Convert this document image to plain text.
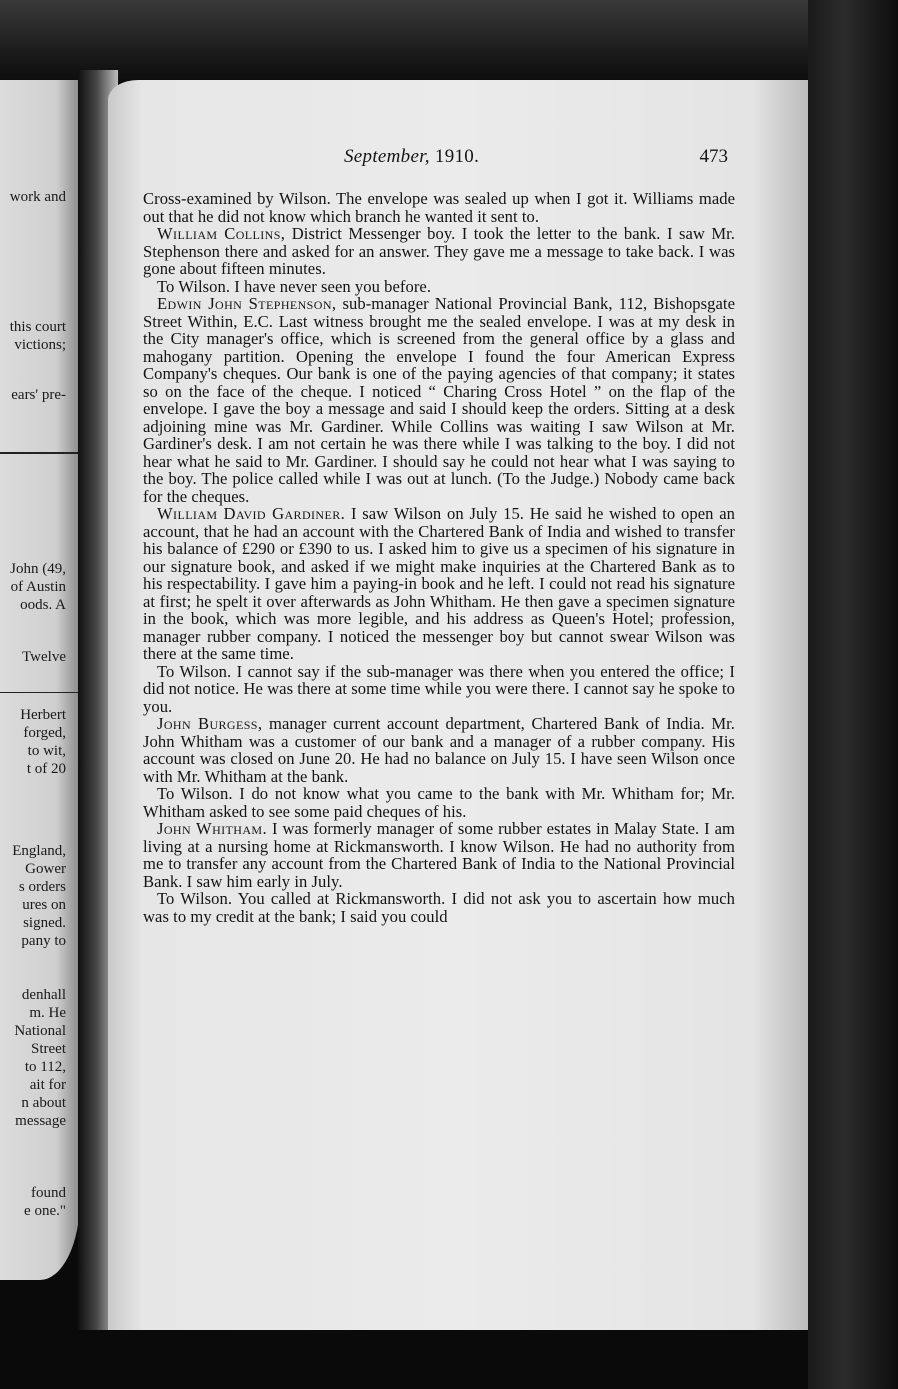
work and
this court
victions;
ears' pre-
John (49,
of Austin
oods. A
Twelve
Herbert
forged,
to wit,
t of 20
England,
Gower
s orders
ures on
signed.
pany to
denhall
m. He
National
Street
to 112,
ait for
n about
message
found
e one."
September, 1910.	473

Cross-examined by Wilson. The envelope was sealed up when I got it. Williams made out that he did not know which branch he wanted it sent to.

William Collins, District Messenger boy. I took the letter to the bank. I saw Mr. Stephenson there and asked for an answer. They gave me a message to take back. I was gone about fifteen minutes.

To Wilson. I have never seen you before.

Edwin John Stephenson, sub-manager National Provincial Bank, 112, Bishopsgate Street Within, E.C. Last witness brought me the sealed envelope. I was at my desk in the City manager's office, which is screened from the general office by a glass and mahogany partition. Opening the envelope I found the four American Express Company's cheques. Our bank is one of the paying agencies of that company; it states so on the face of the cheque. I noticed “ Charing Cross Hotel ” on the flap of the envelope. I gave the boy a message and said I should keep the orders. Sitting at a desk adjoining mine was Mr. Gardiner. While Collins was waiting I saw Wilson at Mr. Gardiner's desk. I am not certain he was there while I was talking to the boy. I did not hear what he said to Mr. Gardiner. I should say he could not hear what I was saying to the boy. The police called while I was out at lunch. (To the Judge.) Nobody came back for the cheques.

William David Gardiner. I saw Wilson on July 15. He said he wished to open an account, that he had an account with the Chartered Bank of India and wished to transfer his balance of £290 or £390 to us. I asked him to give us a specimen of his signature in our signature book, and asked if we might make inquiries at the Chartered Bank as to his respectability. I gave him a paying-in book and he left. I could not read his signature at first; he spelt it over afterwards as John Whitham. He then gave a specimen signature in the book, which was more legible, and his address as Queen's Hotel; profession, manager rubber company. I noticed the messenger boy but cannot swear Wilson was there at the same time.

To Wilson. I cannot say if the sub-manager was there when you entered the office; I did not notice. He was there at some time while you were there. I cannot say he spoke to you.

John Burgess, manager current account department, Chartered Bank of India. Mr. John Whitham was a customer of our bank and a manager of a rubber company. His account was closed on June 20. He had no balance on July 15. I have seen Wilson once with Mr. Whitham at the bank.

To Wilson. I do not know what you came to the bank with Mr. Whitham for; Mr. Whitham asked to see some paid cheques of his.

John Whitham. I was formerly manager of some rubber estates in Malay State. I am living at a nursing home at Rickmansworth. I know Wilson. He had no authority from me to transfer any account from the Chartered Bank of India to the National Provincial Bank. I saw him early in July.

To Wilson. You called at Rickmansworth. I did not ask you to ascertain how much was to my credit at the bank; I said you could
